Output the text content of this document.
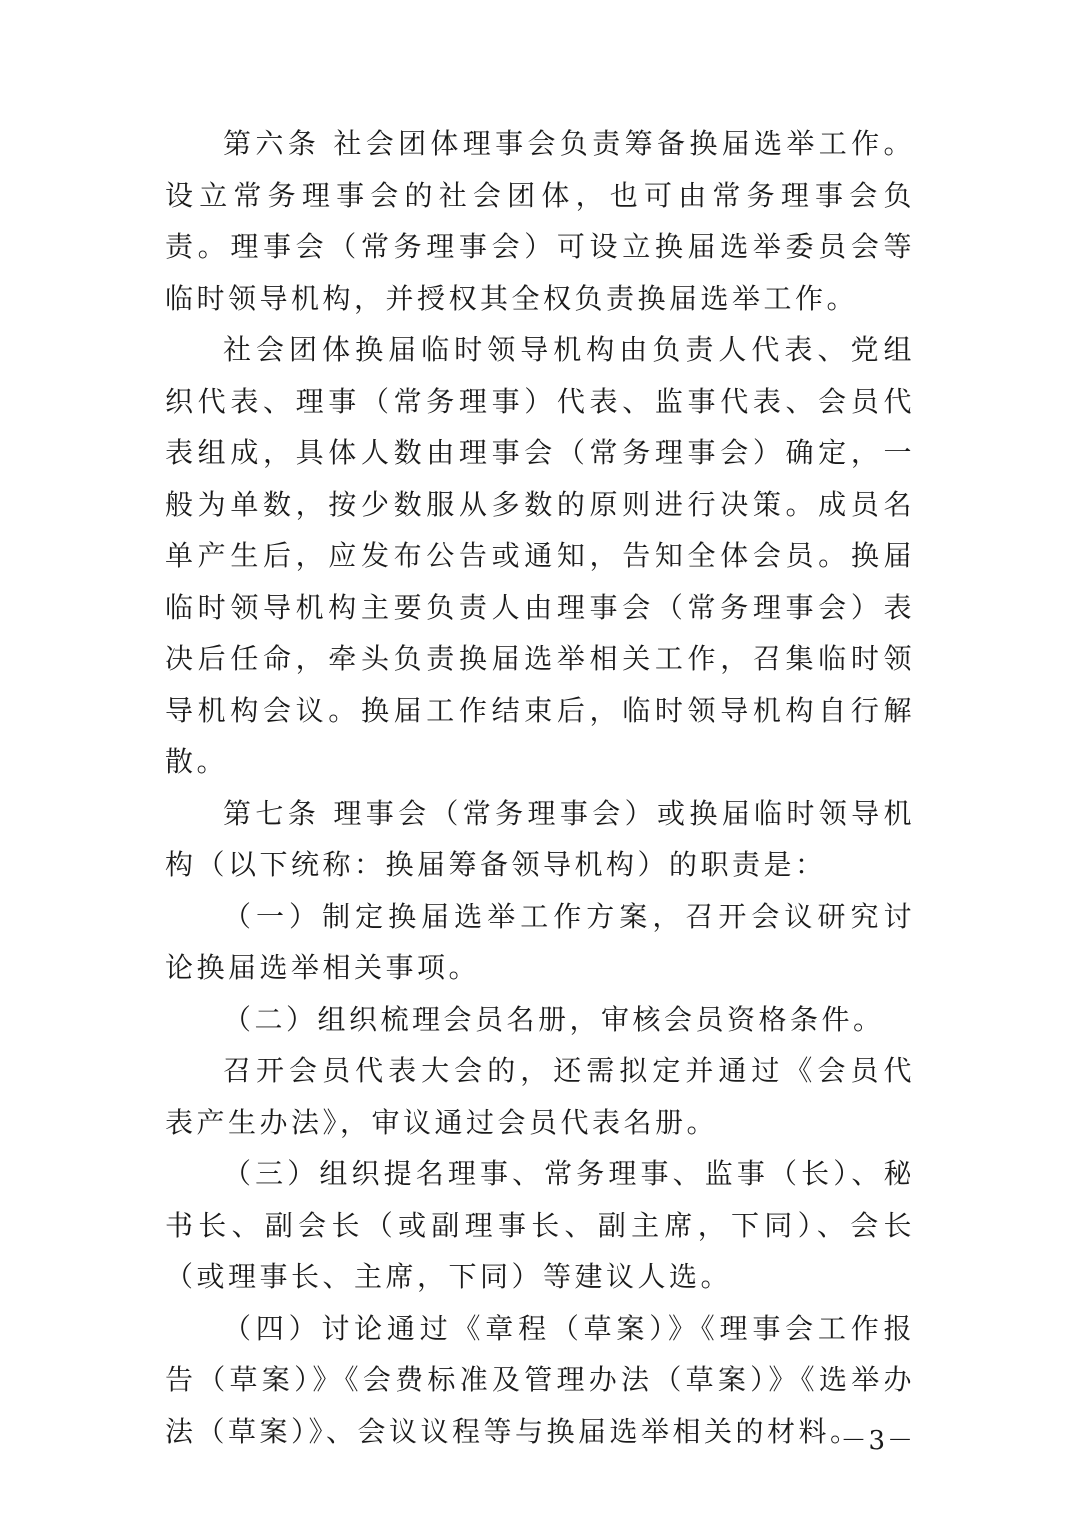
第六条 社会团体理事会负责筹备换届选举工作。设立常务理事会的社会团体，也可由常务理事会负责。理事会（常务理事会）可设立换届选举委员会等临时领导机构，并授权其全权负责换届选举工作。

社会团体换届临时领导机构由负责人代表、党组织代表、理事（常务理事）代表、监事代表、会员代表组成，具体人数由理事会（常务理事会）确定，一般为单数，按少数服从多数的原则进行决策。成员名单产生后，应发布公告或通知，告知全体会员。换届临时领导机构主要负责人由理事会（常务理事会）表决后任命，牵头负责换届选举相关工作，召集临时领导机构会议。换届工作结束后，临时领导机构自行解散。

第七条 理事会（常务理事会）或换届临时领导机构（以下统称：换届筹备领导机构）的职责是：

（一）制定换届选举工作方案，召开会议研究讨论换届选举相关事项。

（二）组织梳理会员名册，审核会员资格条件。

召开会员代表大会的，还需拟定并通过《会员代表产生办法》，审议通过会员代表名册。

（三）组织提名理事、常务理事、监事（长）、秘书长、副会长（或副理事长、副主席，下同）、会长（或理事长、主席，下同）等建议人选。

（四）讨论通过《章程（草案）》《理事会工作报告（草案）》《会费标准及管理办法（草案）》《选举办法（草案）》、会议议程等与换届选举相关的材料。

－3－
